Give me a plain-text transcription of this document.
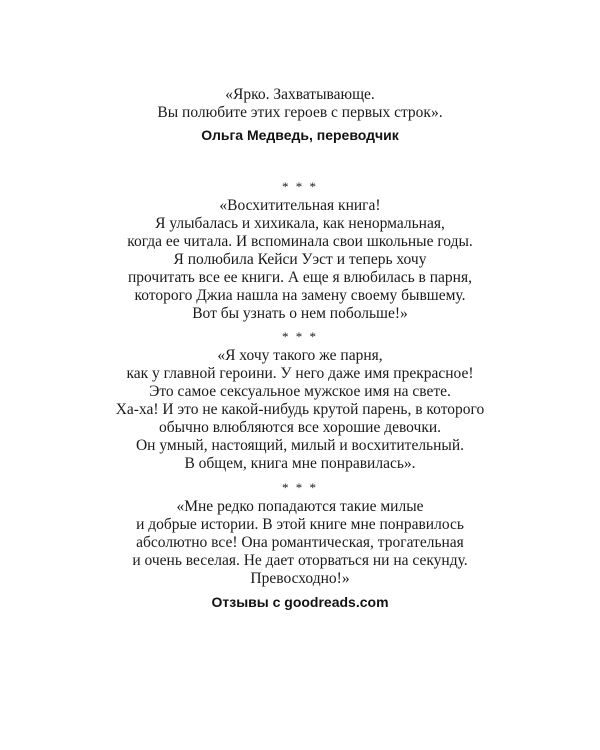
«Ярко. Захватывающе.
Вы полюбите этих героев с первых строк».
Ольга Медведь, переводчик
* * *
«Восхитительная книга!
Я улыбалась и хихикала, как ненормальная,
когда ее читала. И вспоминала свои школьные годы.
Я полюбила Кейси Уэст и теперь хочу
прочитать все ее книги. А еще я влюбилась в парня,
которого Джиа нашла на замену своему бывшему.
Вот бы узнать о нем побольше!»
* * *
«Я хочу такого же парня,
как у главной героини. У него даже имя прекрасное!
Это самое сексуальное мужское имя на свете.
Ха-ха! И это не какой-нибудь крутой парень, в которого
обычно влюбляются все хорошие девочки.
Он умный, настоящий, милый и восхитительный.
В общем, книга мне понравилась».
* * *
«Мне редко попадаются такие милые
и добрые истории. В этой книге мне понравилось
абсолютно все! Она романтическая, трогательная
и очень веселая. Не дает оторваться ни на секунду.
Превосходно!»
Отзывы с goodreads.com
